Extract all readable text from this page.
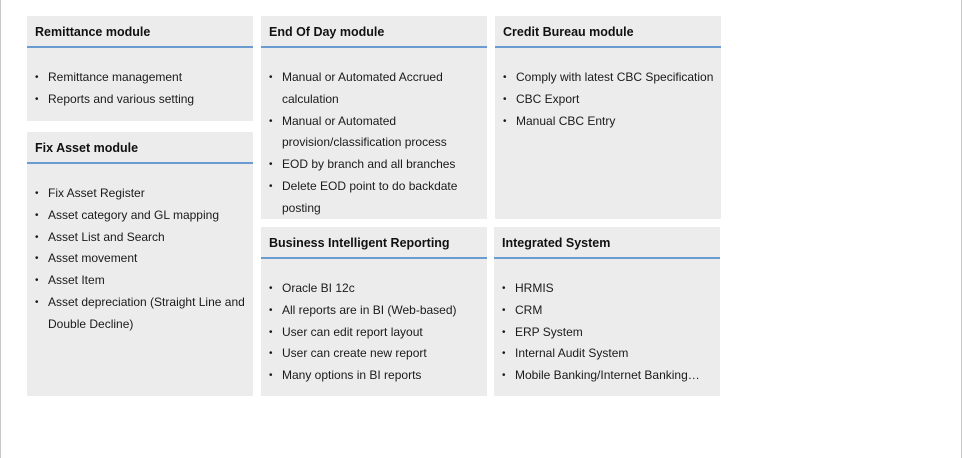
Remittance module
• Remittance management
• Reports and various setting
Fix Asset module
• Fix Asset Register
• Asset category and GL mapping
• Asset List and Search
• Asset movement
• Asset Item
• Asset depreciation (Straight Line and Double Decline)
End Of Day module
• Manual or Automated Accrued calculation
• Manual or Automated provision/classification process
• EOD by branch and all branches
• Delete EOD point to do backdate posting
Business Intelligent Reporting
• Oracle BI 12c
• All reports are in BI (Web-based)
• User can edit report layout
• User can create new report
• Many options in BI reports
Credit Bureau module
• Comply with latest CBC Specification
• CBC Export
• Manual CBC Entry
Integrated System
• HRMIS
• CRM
• ERP System
• Internal Audit System
• Mobile Banking/Internet Banking…
